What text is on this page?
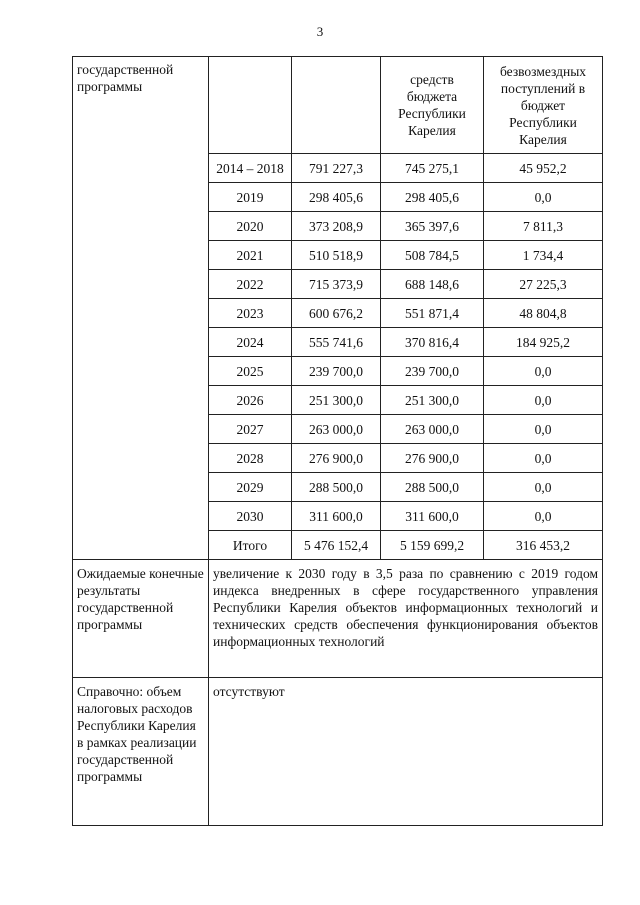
3
государственной программы			средств бюджета Республики Карелия	безвозмездных поступлений в бюджет Республики Карелия
	2014 – 2018	791 227,3	745 275,1	45 952,2
	2019	298 405,6	298 405,6	0,0
	2020	373 208,9	365 397,6	7 811,3
	2021	510 518,9	508 784,5	1 734,4
	2022	715 373,9	688 148,6	27 225,3
	2023	600 676,2	551 871,4	48 804,8
	2024	555 741,6	370 816,4	184 925,2
	2025	239 700,0	239 700,0	0,0
	2026	251 300,0	251 300,0	0,0
	2027	263 000,0	263 000,0	0,0
	2028	276 900,0	276 900,0	0,0
	2029	288 500,0	288 500,0	0,0
	2030	311 600,0	311 600,0	0,0
	Итого	5 476 152,4	5 159 699,2	316 453,2
Ожидаемые конечные результаты государственной программы	увеличение к 2030 году в 3,5 раза по сравнению с 2019 годом индекса внедренных в сфере государственного управления Республики Карелия объектов информационных технологий и технических средств обеспечения функционирования объектов информационных технологий			
Справочно: объем налоговых расходов Республики Карелия в рамках реализации государственной программы	отсутствуют			
